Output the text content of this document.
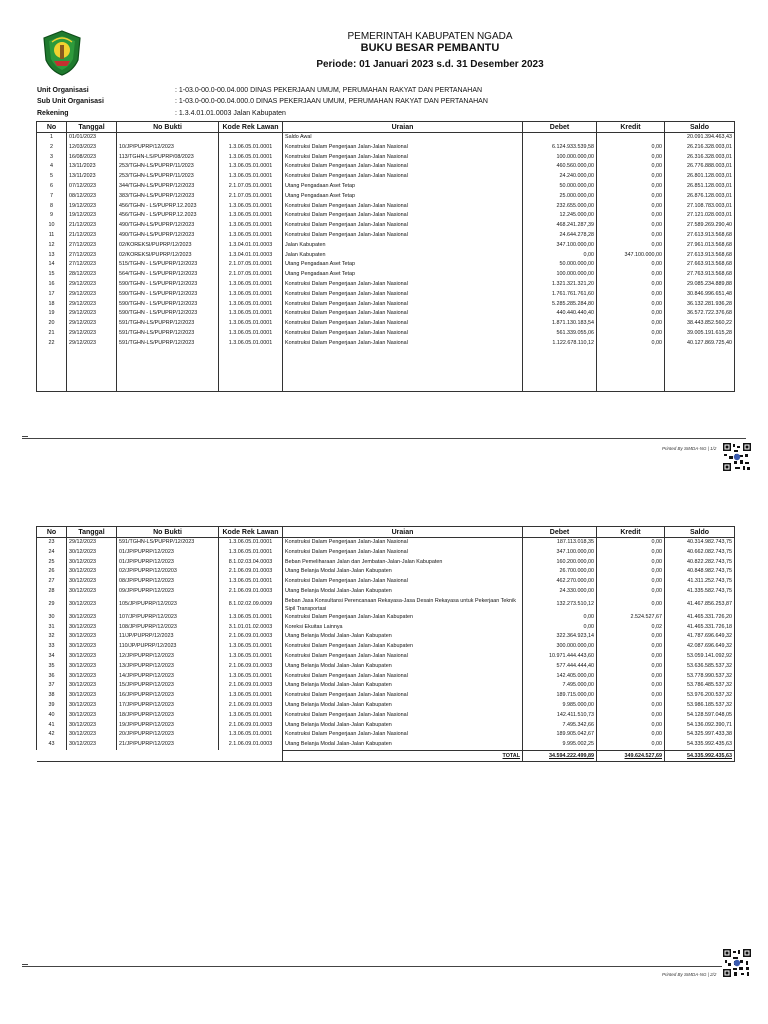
PEMERINTAH KABUPATEN NGADA
BUKU BESAR PEMBANTU
Periode: 01 Januari 2023 s.d. 31 Desember 2023
Unit Organisasi	: 1-03.0-00.0-00.04.000 DINAS PEKERJAAN UMUM, PERUMAHAN RAKYAT DAN PERTANAHAN
Sub Unit Organisasi	: 1-03.0-00.0-00.04.000.0 DINAS PEKERJAAN UMUM, PERUMAHAN RAKYAT DAN PERTANAHAN
Rekening	: 1.3.4.01.01.0003 Jalan Kabupaten
No	Tanggal	No Bukti	Kode Rek Lawan	Uraian	Debet	Kredit	Saldo
1	01/01/2023			Saldo Awal			20.091.394.463,43
2	12/03/2023	10/JP/PUPRP/12/2023	1.3.06.05.01.0001	Konstruksi Dalam Pengerjaan Jalan-Jalan Nasional	6.124.933.539,58	0,00	26.216.328.003,01
3	16/08/2023	113/TGHN-LS/PUPRP/08/2023	1.3.06.05.01.0001	Konstruksi Dalam Pengerjaan Jalan-Jalan Nasional	100.000.000,00	0,00	26.316.328.003,01
4	13/11/2023	253/TGHN-LS/PUPRP/11/2023	1.3.06.05.01.0001	Konstruksi Dalam Pengerjaan Jalan-Jalan Nasional	460.560.000,00	0,00	26.776.888.003,01
5	13/11/2023	253/TGHN-LS/PUPRP/11/2023	1.3.06.05.01.0001	Konstruksi Dalam Pengerjaan Jalan-Jalan Nasional	24.240.000,00	0,00	26.801.128.003,01
6	07/12/2023	344/TGHN-LS/PUPRP/12/2023	2.1.07.05.01.0001	Utang Pengadaan Aset Tetap	50.000.000,00	0,00	26.851.128.003,01
7	08/12/2023	383/TGHN-LS/PUPRP/12/2023	2.1.07.05.01.0001	Utang Pengadaan Aset Tetap	25.000.000,00	0,00	26.876.128.003,01
8	19/12/2023	456/TGHN - LS/PUPRP.12.2023	1.3.06.05.01.0001	Konstruksi Dalam Pengerjaan Jalan-Jalan Nasional	232.655.000,00	0,00	27.108.783.003,01
9	19/12/2023	456/TGHN - LS/PUPRP.12.2023	1.3.06.05.01.0001	Konstruksi Dalam Pengerjaan Jalan-Jalan Nasional	12.245.000,00	0,00	27.121.028.003,01
10	21/12/2023	490/TGHN-LS/PUPRP/12/2023	1.3.06.05.01.0001	Konstruksi Dalam Pengerjaan Jalan-Jalan Nasional	468.241.287,39	0,00	27.589.269.290,40
11	21/12/2023	490/TGHN-LS/PUPRP/12/2023	1.3.06.05.01.0001	Konstruksi Dalam Pengerjaan Jalan-Jalan Nasional	24.644.278,28	0,00	27.613.913.568,68
12	27/12/2023	02/KOREKSI/PUPRP/12/2023	1.3.04.01.01.0003	Jalan Kabupaten	347.100.000,00	0,00	27.961.013.568,68
13	27/12/2023	02/KOREKSI/PUPRP/12/2023	1.3.04.01.01.0003	Jalan Kabupaten	0,00	347.100.000,00	27.613.913.568,68
14	27/12/2023	515/TGHN - LS/PUPRP/12/2023	2.1.07.05.01.0001	Utang Pengadaan Aset Tetap	50.000.000,00	0,00	27.663.913.568,68
15	28/12/2023	564/TGHN - LS/PUPRP/12/2023	2.1.07.05.01.0001	Utang Pengadaan Aset Tetap	100.000.000,00	0,00	27.763.913.568,68
16	29/12/2023	590/TGHN - LS/PUPRP/12/2023	1.3.06.05.01.0001	Konstruksi Dalam Pengerjaan Jalan-Jalan Nasional	1.321.321.321,20	0,00	29.085.234.889,88
17	29/12/2023	590/TGHN - LS/PUPRP/12/2023	1.3.06.05.01.0001	Konstruksi Dalam Pengerjaan Jalan-Jalan Nasional	1.761.761.761,60	0,00	30.846.996.651,48
18	29/12/2023	590/TGHN - LS/PUPRP/12/2023	1.3.06.05.01.0001	Konstruksi Dalam Pengerjaan Jalan-Jalan Nasional	5.285.285.284,80	0,00	36.132.281.936,28
19	29/12/2023	590/TGHN - LS/PUPRP/12/2023	1.3.06.05.01.0001	Konstruksi Dalam Pengerjaan Jalan-Jalan Nasional	440.440.440,40	0,00	36.572.722.376,68
20	29/12/2023	591/TGHN-LS/PUPRP/12/2023	1.3.06.05.01.0001	Konstruksi Dalam Pengerjaan Jalan-Jalan Nasional	1.871.130.183,54	0,00	38.443.852.560,22
21	29/12/2023	591/TGHN-LS/PUPRP/12/2023	1.3.06.05.01.0001	Konstruksi Dalam Pengerjaan Jalan-Jalan Nasional	561.339.055,06	0,00	39.005.191.615,28
22	29/12/2023	591/TGHN-LS/PUPRP/12/2023	1.3.06.05.01.0001	Konstruksi Dalam Pengerjaan Jalan-Jalan Nasional	1.122.678.110,12	0,00	40.127.869.725,40

Printed By SIMDA-NG | 1/2
No	Tanggal	No Bukti	Kode Rek Lawan	Uraian	Debet	Kredit	Saldo
23	29/12/2023	591/TGHN-LS/PUPRP/12/2023	1.3.06.05.01.0001	Konstruksi Dalam Pengerjaan Jalan-Jalan Nasional	187.113.018,35	0,00	40.314.982.743,75
24	30/12/2023	01/JP/PUPRP/12/2023	1.3.06.05.01.0001	Konstruksi Dalam Pengerjaan Jalan-Jalan Nasional	347.100.000,00	0,00	40.662.082.743,75
25	30/12/2023	01/JP/PUPRP/12/2023	8.1.02.03.04.0003	Beban Pemeliharaan Jalan dan Jembatan-Jalan-Jalan Kabupaten	160.200.000,00	0,00	40.822.282.743,75
26	30/12/2023	02/JP/PUPRP/12/20203	2.1.06.09.01.0003	Utang Belanja Modal Jalan-Jalan Kabupaten	26.700.000,00	0,00	40.848.982.743,75
27	30/12/2023	08/JP/PUPRP/12/2023	1.3.06.05.01.0001	Konstruksi Dalam Pengerjaan Jalan-Jalan Nasional	462.270.000,00	0,00	41.311.252.743,75
28	30/12/2023	09/JP/PUPRP/12/2023	2.1.06.09.01.0003	Utang Belanja Modal Jalan-Jalan Kabupaten	24.330.000,00	0,00	41.335.582.743,75
29	30/12/2023	105/JP/PUPRP/12/2023	8.1.02.02.09.0009	Beban Jasa Konsultansi Perencanaan Rekayasa-Jasa Desain Rekayasa untuk Pekerjaan Teknik Sipil Transportasi	132.273.510,12	0,00	41.467.856.253,87
30	30/12/2023	107/JP/PUPRP/12/2023	1.3.06.05.01.0001	Konstruksi Dalam Pengerjaan Jalan-Jalan Kabupaten	0,00	2.524.527,67	41.465.331.726,20
31	30/12/2023	108/JP/PUPRP/12/2023	3.1.01.01.02.0003	Koreksi Ekuitas Lainnya	0,00	0,02	41.465.331.726,18
32	30/12/2023	11/JP/PUPRP/12/2023	2.1.06.09.01.0003	Utang Belanja Modal Jalan-Jalan Kabupaten	322.364.923,14	0,00	41.787.696.649,32
33	30/12/2023	110/JP/PUPRP/12/2023	1.3.06.05.01.0001	Konstruksi Dalam Pengerjaan Jalan-Jalan Kabupaten	300.000.000,00	0,00	42.087.696.649,32
34	30/12/2023	12/JP/PUPRP/12/2023	1.3.06.05.01.0001	Konstruksi Dalam Pengerjaan Jalan-Jalan Nasional	10.971.444.443,60	0,00	53.059.141.092,92
35	30/12/2023	13/JP/PUPRP/12/2023	2.1.06.09.01.0003	Utang Belanja Modal Jalan-Jalan Kabupaten	577.444.444,40	0,00	53.636.585.537,32
36	30/12/2023	14/JP/PUPRP/12/2023	1.3.06.05.01.0001	Konstruksi Dalam Pengerjaan Jalan-Jalan Nasional	142.405.000,00	0,00	53.778.990.537,32
37	30/12/2023	15/JP/PUPRP/12/2023	2.1.06.09.01.0003	Utang Belanja Modal Jalan-Jalan Kabupaten	7.495.000,00	0,00	53.786.485.537,32
38	30/12/2023	16/JP/PUPRP/12/2023	1.3.06.05.01.0001	Konstruksi Dalam Pengerjaan Jalan-Jalan Nasional	189.715.000,00	0,00	53.976.200.537,32
39	30/12/2023	17/JP/PUPRP/12/2023	2.1.06.09.01.0003	Utang Belanja Modal Jalan-Jalan Kabupaten	9.985.000,00	0,00	53.986.185.537,32
40	30/12/2023	18/JP/PUPRP/12/2023	1.3.06.05.01.0001	Konstruksi Dalam Pengerjaan Jalan-Jalan Nasional	142.411.510,73	0,00	54.128.597.048,05
41	30/12/2023	19/JP/PUPRP/12/2023	2.1.06.09.01.0003	Utang Belanja Modal Jalan-Jalan Kabupaten	7.495.342,66	0,00	54.136.092.390,71
42	30/12/2023	20/JP/PUPRP/12/2023	1.3.06.05.01.0001	Konstruksi Dalam Pengerjaan Jalan-Jalan Nasional	189.905.042,67	0,00	54.325.997.433,38
43	30/12/2023	21/JP/PUPRP/12/2023	2.1.06.09.01.0003	Utang Belanja Modal Jalan-Jalan Kabupaten	9.995.002,25	0,00	54.335.992.435,63
				TOTAL	34.594.222.499,89	349.624.527,69	54.335.992.435,63
Printed By SIMDA-NG | 2/2
